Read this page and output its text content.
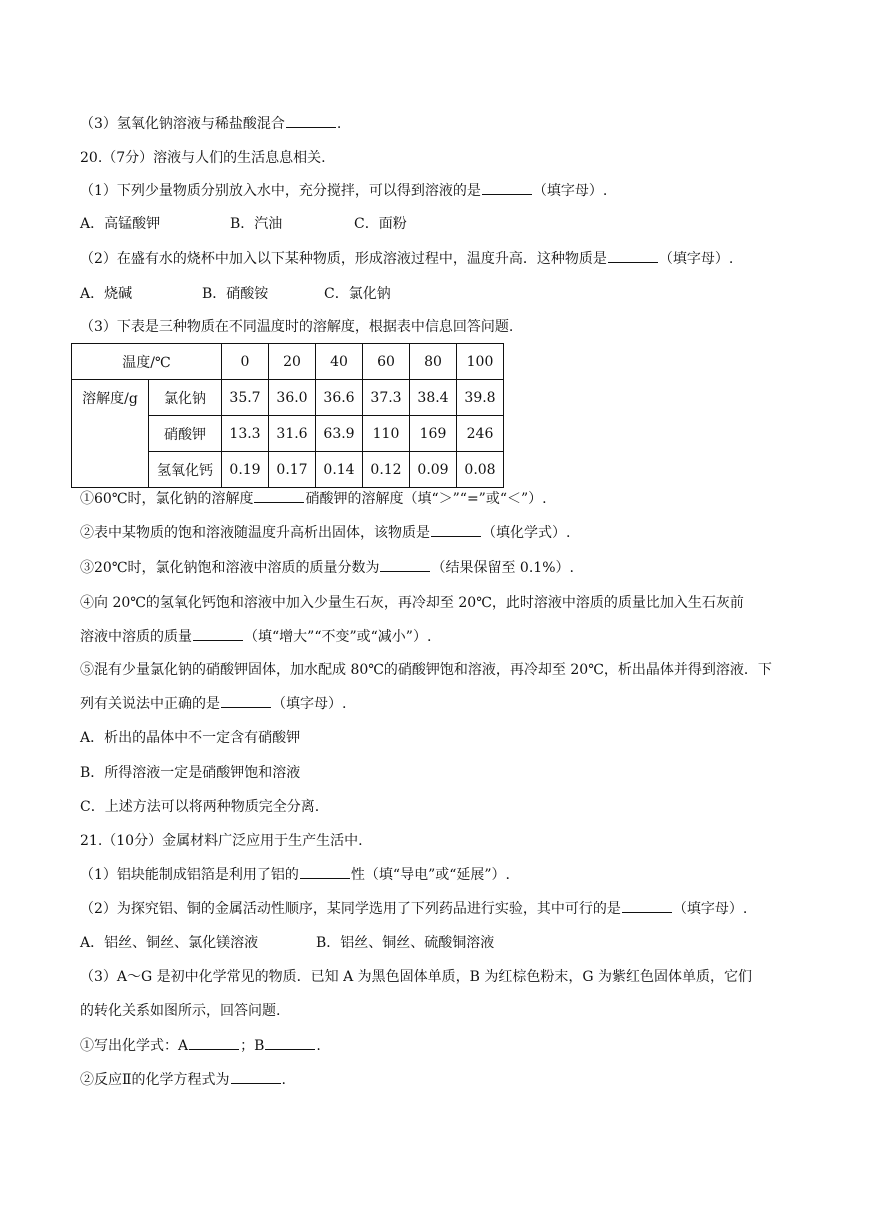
（3）氢氧化钠溶液与稀盐酸混合	.
20.（7分）溶液与人们的生活息息相关.
（1）下列少量物质分别放入水中，充分搅拌，可以得到溶液的是	（填字母）.
A．高锰酸钾	B．汽油	C．面粉
（2）在盛有水的烧杯中加入以下某种物质，形成溶液过程中，温度升高．这种物质是	（填字母）.
A．烧碱	B．硝酸铵	C．氯化钠
（3）下表是三种物质在不同温度时的溶解度，根据表中信息回答问题.
温度/℃		0	20	40	60	80	100
溶解度/g	氯化钠	35.7	36.0	36.6	37.3	38.4	39.8
	硝酸钾	13.3	31.6	63.9	110	169	246
	氢氧化钙	0.19	0.17	0.14	0.12	0.09	0.08
①60℃时，氯化钠的溶解度	硝酸钾的溶解度（填“＞”“=”或“＜”）.
②表中某物质的饱和溶液随温度升高析出固体，该物质是	（填化学式）.
③20℃时，氯化钠饱和溶液中溶质的质量分数为	（结果保留至 0.1%）.
④向 20℃的氢氧化钙饱和溶液中加入少量生石灰，再冷却至 20℃，此时溶液中溶质的质量比加入生石灰前
溶液中溶质的质量	（填“增大”“不变”或“减小”）.
⑤混有少量氯化钠的硝酸钾固体，加水配成 80℃的硝酸钾饱和溶液，再冷却至 20℃，析出晶体并得到溶液．下
列有关说法中正确的是	（填字母）.
A．析出的晶体中不一定含有硝酸钾
B．所得溶液一定是硝酸钾饱和溶液
C．上述方法可以将两种物质完全分离.
21.（10分）金属材料广泛应用于生产生活中.
（1）铝块能制成铝箔是利用了铝的	性（填“导电”或“延展”）.
（2）为探究铝、铜的金属活动性顺序，某同学选用了下列药品进行实验，其中可行的是	（填字母）.
A．铝丝、铜丝、氯化镁溶液	B．铝丝、铜丝、硫酸铜溶液
（3）A～G 是初中化学常见的物质．已知 A 为黑色固体单质，B 为红棕色粉末，G 为紫红色固体单质，它们
的转化关系如图所示，回答问题.
①写出化学式：A	；B	.
②反应Ⅱ的化学方程式为	.
